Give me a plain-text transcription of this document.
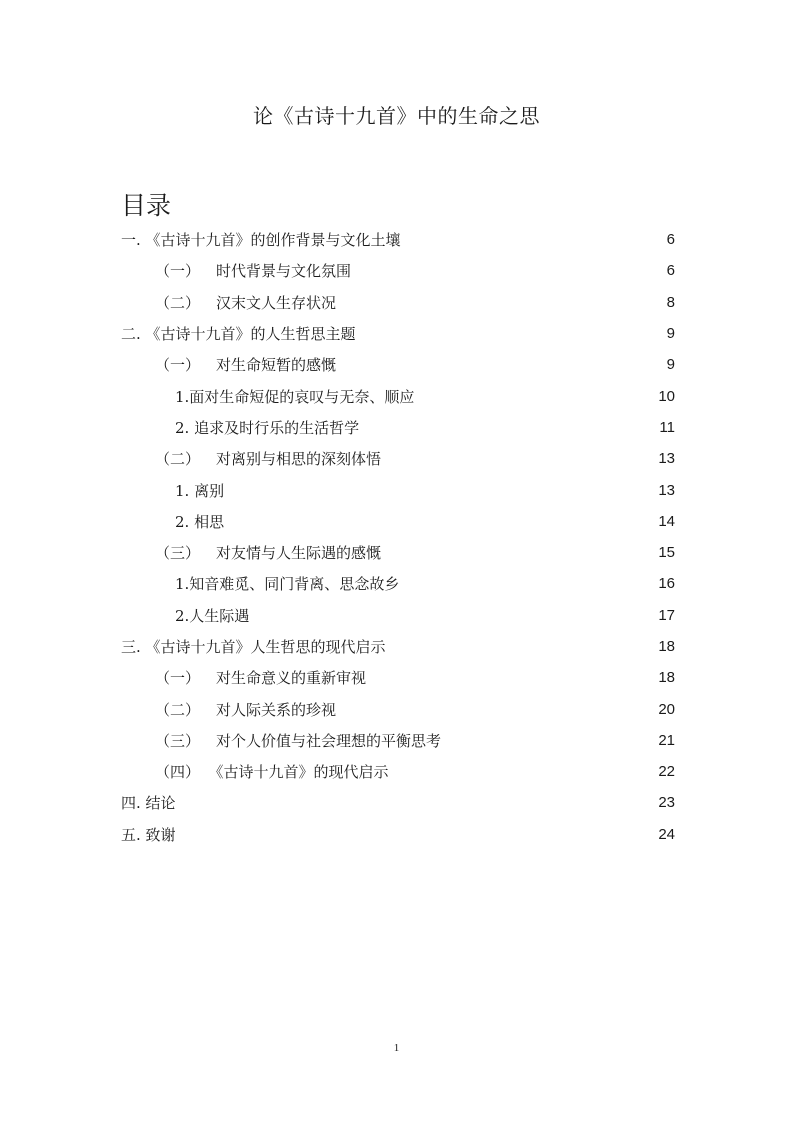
论《古诗十九首》中的生命之思
目录
一. 《古诗十九首》的创作背景与文化土壤	6
（一） 时代背景与文化氛围	6
（二） 汉末文人生存状况	8
二. 《古诗十九首》的人生哲思主题	9
（一） 对生命短暂的感慨	9
1.面对生命短促的哀叹与无奈、顺应	10
2. 追求及时行乐的生活哲学	11
（二） 对离别与相思的深刻体悟	13
1. 离别	13
2. 相思	14
（三） 对友情与人生际遇的感慨	15
1.知音难觅、同门背离、思念故乡	16
2.人生际遇	17
三. 《古诗十九首》人生哲思的现代启示	18
（一） 对生命意义的重新审视	18
（二） 对人际关系的珍视	20
（三） 对个人价值与社会理想的平衡思考	21
（四） 《古诗十九首》的现代启示	22
四. 结论	23
五. 致谢	24
1
